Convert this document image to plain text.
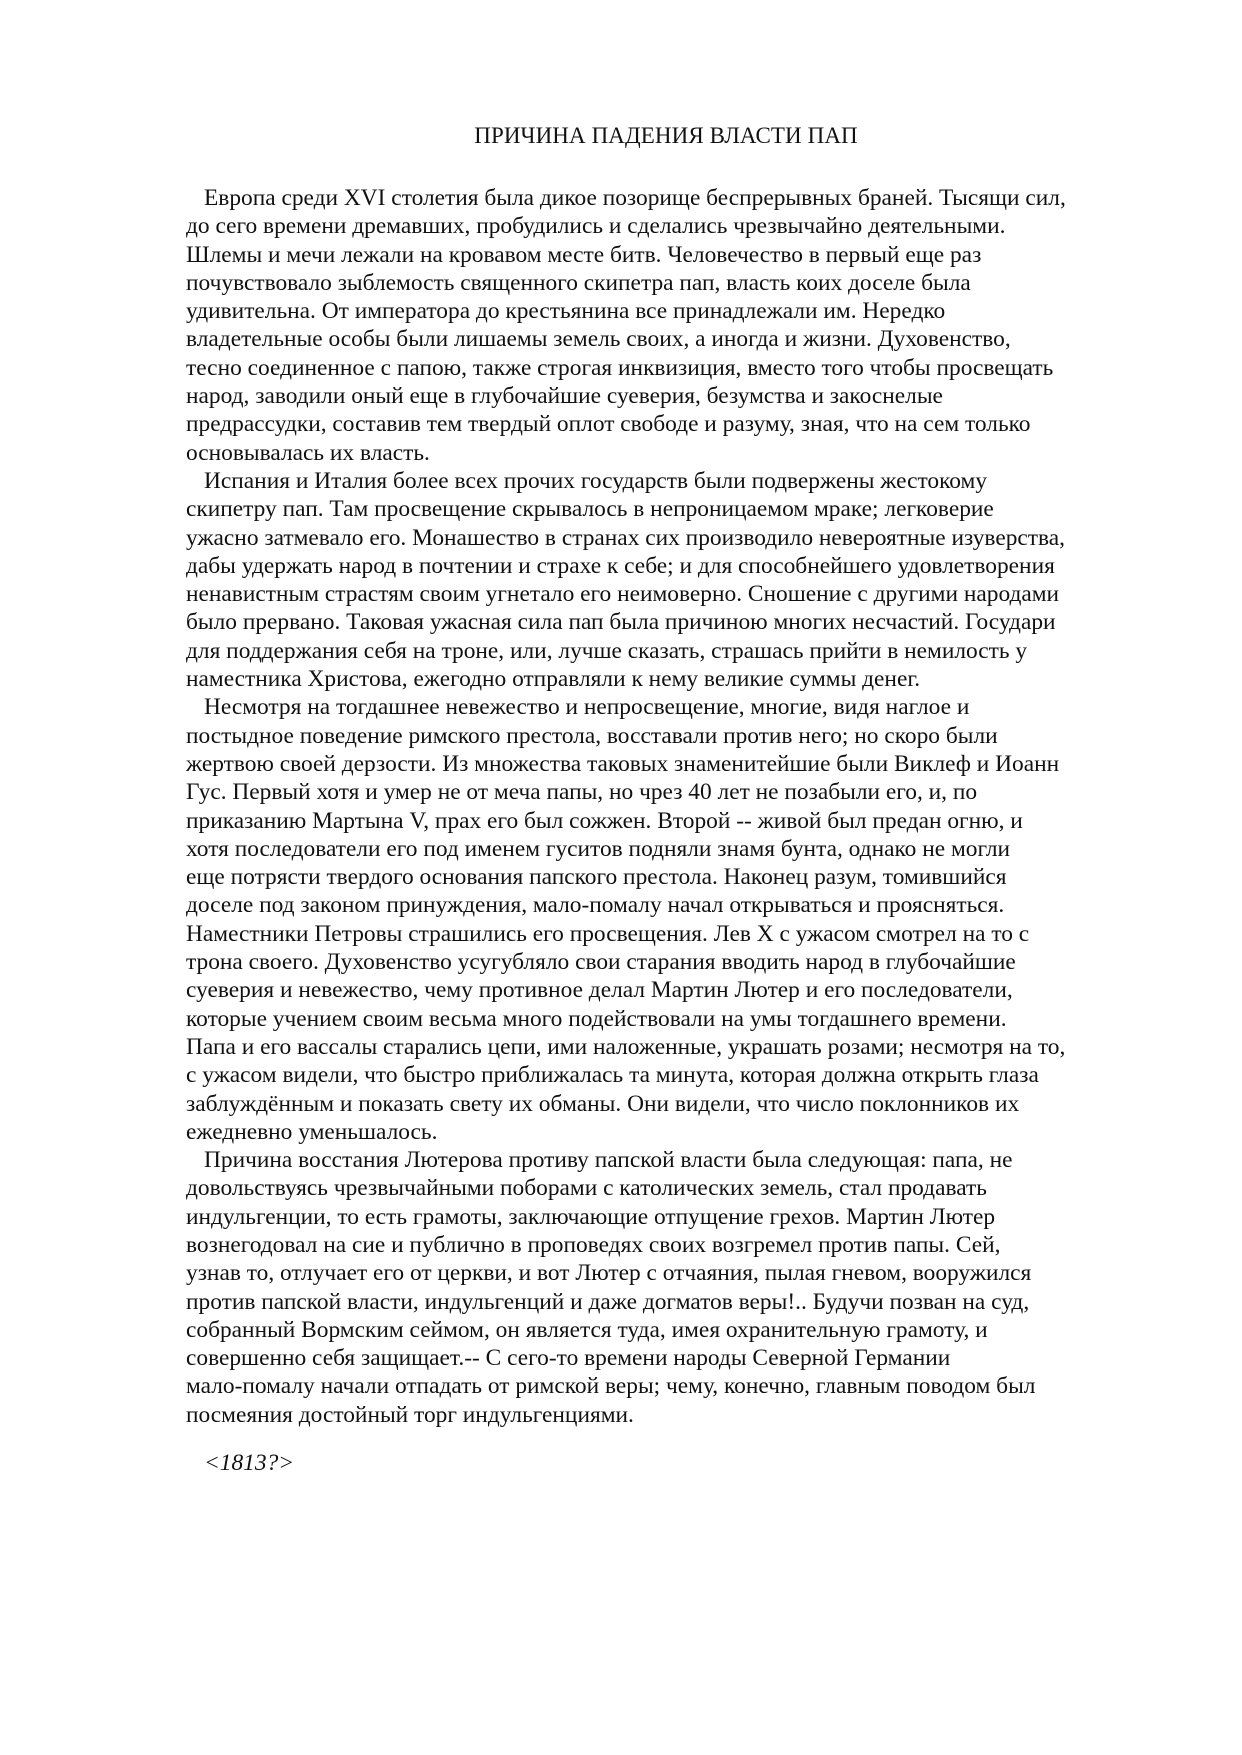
ПРИЧИНА ПАДЕНИЯ ВЛАСТИ ПАП
Европа среди XVI столетия была дикое позорище беспрерывных браней. Тысящи сил,
до сего времени дремавших, пробудились и сделались чрезвычайно деятельными.
Шлемы и мечи лежали на кровавом месте битв. Человечество в первый еще раз
почувствовало зыблемость священного скипетра пап, власть коих доселе была
удивительна. От императора до крестьянина все принадлежали им. Нередко
владетельные особы были лишаемы земель своих, а иногда и жизни. Духовенство,
тесно соединенное с папою, также строгая инквизиция, вместо того чтобы просвещать
народ, заводили оный еще в глубочайшие суеверия, безумства и закоснелые
предрассудки, составив тем твердый оплот свободе и разуму, зная, что на сем только
основывалась их власть.
Испания и Италия более всех прочих государств были подвержены жестокому
скипетру пап. Там просвещение скрывалось в непроницаемом мраке; легковерие
ужасно затмевало его. Монашество в странах сих производило невероятные изуверства,
дабы удержать народ в почтении и страхе к себе; и для способнейшего удовлетворения
ненавистным страстям своим угнетало его неимоверно. Сношение с другими народами
было прервано. Таковая ужасная сила пап была причиною многих несчастий. Государи
для поддержания себя на троне, или, лучше сказать, страшась прийти в немилость у
наместника Христова, ежегодно отправляли к нему великие суммы денег.
Несмотря на тогдашнее невежество и непросвещение, многие, видя наглое и
постыдное поведение римского престола, восставали против него; но скоро были
жертвою своей дерзости. Из множества таковых знаменитейшие были Виклеф и Иоанн
Гус. Первый хотя и умер не от меча папы, но чрез 40 лет не позабыли его, и, по
приказанию Мартына V, прах его был сожжен. Второй -- живой был предан огню, и
хотя последователи его под именем гуситов подняли знамя бунта, однако не могли
еще потрясти твердого основания папского престола. Наконец разум, томившийся
доселе под законом принуждения, мало-помалу начал открываться и проясняться.
Наместники Петровы страшились его просвещения. Лев X с ужасом смотрел на то с
трона своего. Духовенство усугубляло свои старания вводить народ в глубочайшие
суеверия и невежество, чему противное делал Мартин Лютер и его последователи,
которые учением своим весьма много подействовали на умы тогдашнего времени.
Папа и его вассалы старались цепи, ими наложенные, украшать розами; несмотря на то,
с ужасом видели, что быстро приближалась та минута, которая должна открыть глаза
заблуждённым и показать свету их обманы. Они видели, что число поклонников их
ежедневно уменьшалось.
Причина восстания Лютерова противу папской власти была следующая: папа, не
довольствуясь чрезвычайными поборами с католических земель, стал продавать
индульгенции, то есть грамоты, заключающие отпущение грехов. Мартин Лютер
вознегодовал на сие и публично в проповедях своих возгремел против папы. Сей,
узнав то, отлучает его от церкви, и вот Лютер с отчаяния, пылая гневом, вооружился
против папской власти, индульгенций и даже догматов веры!.. Будучи позван на суд,
собранный Вормским сеймом, он является туда, имея охранительную грамоту, и
совершенно себя защищает.-- С сего-то времени народы Северной Германии
мало-помалу начали отпадать от римской веры; чему, конечно, главным поводом был
посмеяния достойный торг индульгенциями.
<1813?>
